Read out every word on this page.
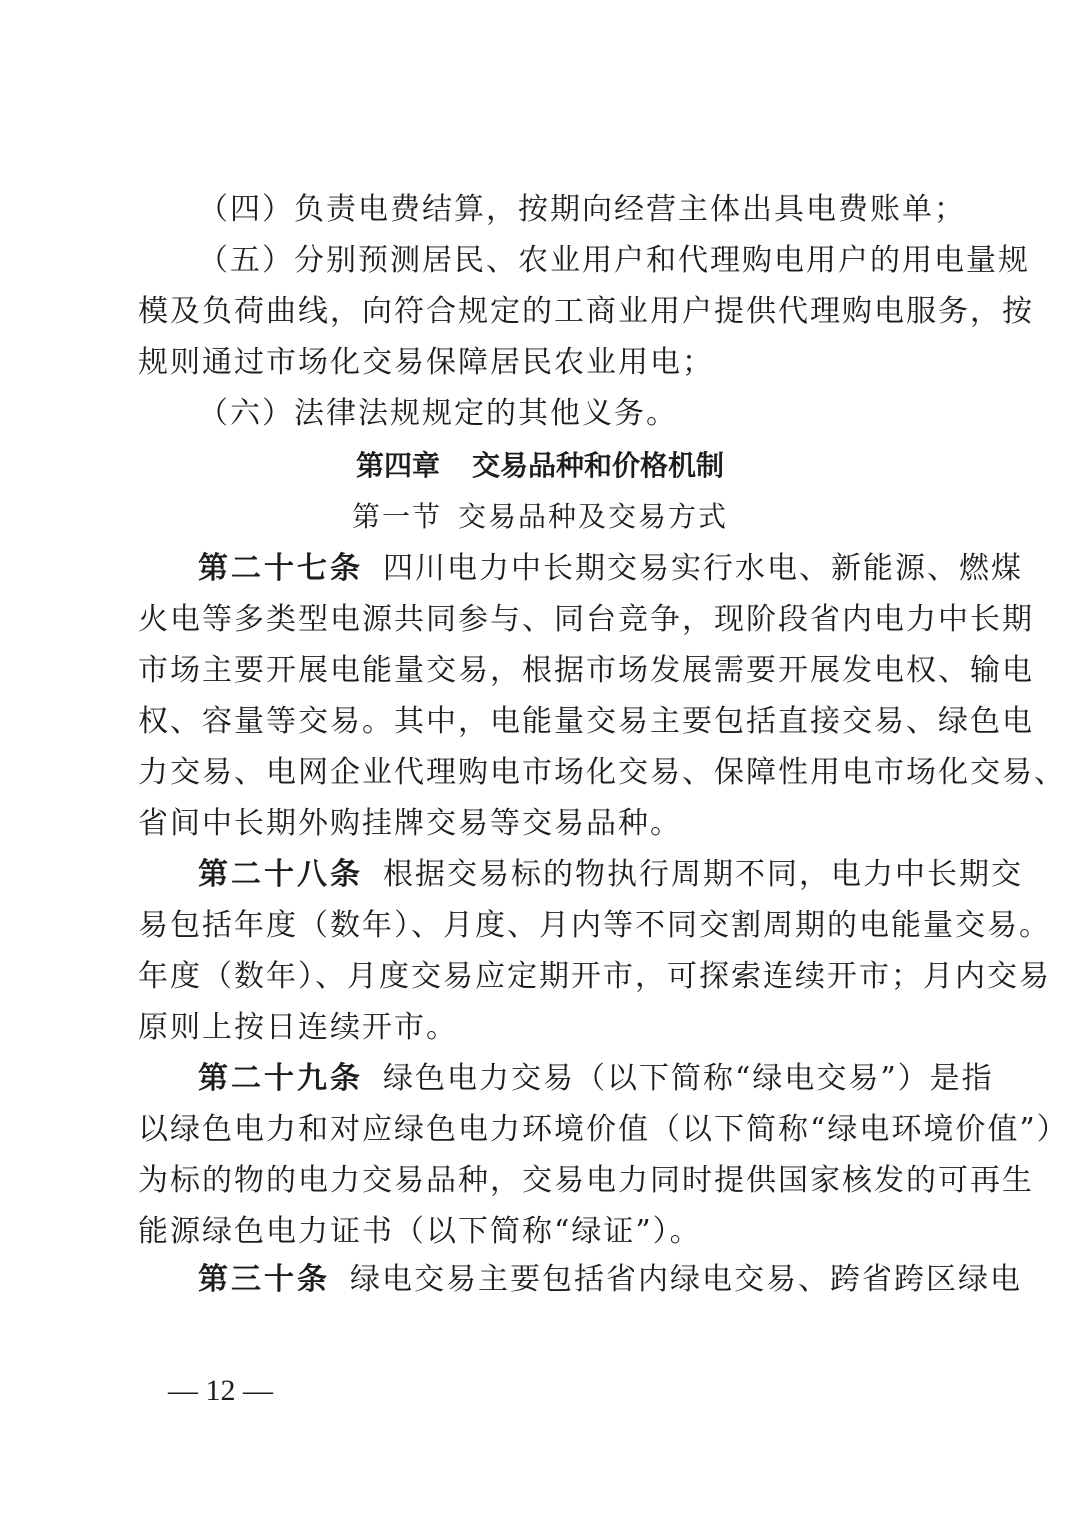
（四）负责电费结算，按期向经营主体出具电费账单；
（五）分别预测居民、农业用户和代理购电用户的用电量规
模及负荷曲线，向符合规定的工商业用户提供代理购电服务，按
规则通过市场化交易保障居民农业用电；
（六）法律法规规定的其他义务。
第四章 交易品种和价格机制
第一节 交易品种及交易方式
第二十七条 四川电力中长期交易实行水电、新能源、燃煤
火电等多类型电源共同参与、同台竞争，现阶段省内电力中长期
市场主要开展电能量交易，根据市场发展需要开展发电权、输电
权、容量等交易。其中，电能量交易主要包括直接交易、绿色电
力交易、电网企业代理购电市场化交易、保障性用电市场化交易、
省间中长期外购挂牌交易等交易品种。
第二十八条 根据交易标的物执行周期不同，电力中长期交
易包括年度（数年）、月度、月内等不同交割周期的电能量交易。
年度（数年）、月度交易应定期开市，可探索连续开市；月内交易
原则上按日连续开市。
第二十九条 绿色电力交易（以下简称“绿电交易”）是指
以绿色电力和对应绿色电力环境价值（以下简称“绿电环境价值”）
为标的物的电力交易品种，交易电力同时提供国家核发的可再生
能源绿色电力证书（以下简称“绿证”）。
第三十条 绿电交易主要包括省内绿电交易、跨省跨区绿电
— 12 —
